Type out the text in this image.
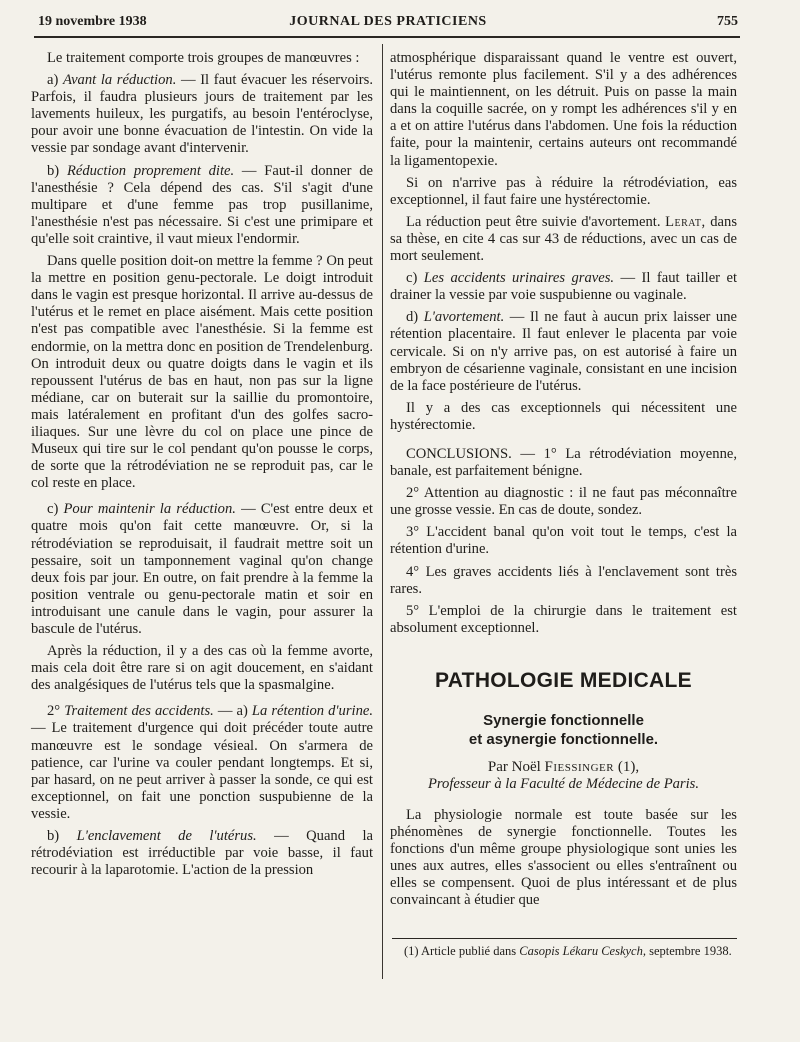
19 novembre 1938	JOURNAL DES PRATICIENS	755

Le traitement comporte trois groupes de manœuvres :

a) Avant la réduction. — Il faut évacuer les réservoirs. Parfois, il faudra plusieurs jours de traitement par les lavements huileux, les purgatifs, au besoin l'entéroclyse, pour avoir une bonne évacuation de l'intestin. On vide la vessie par sondage avant d'intervenir.

b) Réduction proprement dite. — Faut-il donner de l'anesthésie ? Cela dépend des cas. S'il s'agit d'une multipare et d'une femme pas trop pusillanime, l'anesthésie n'est pas nécessaire. Si c'est une primipare et qu'elle soit craintive, il vaut mieux l'endormir.

Dans quelle position doit-on mettre la femme ? On peut la mettre en position genu-pectorale. Le doigt introduit dans le vagin est presque horizontal. Il arrive au-dessus de l'utérus et le remet en place aisément. Mais cette position n'est pas compatible avec l'anesthésie. Si la femme est endormie, on la mettra donc en position de Trendelenburg. On introduit deux ou quatre doigts dans le vagin et ils repoussent l'utérus de bas en haut, non pas sur la ligne médiane, car on buterait sur la saillie du promontoire, mais latéralement en profitant d'un des golfes sacro-iliaques. Sur une lèvre du col on place une pince de Museux qui tire sur le col pendant qu'on pousse le corps, de sorte que la rétrodéviation ne se reproduit pas, car le col reste en place.

c) Pour maintenir la réduction. — C'est entre deux et quatre mois qu'on fait cette manœuvre. Or, si la rétrodéviation se reproduisait, il faudrait mettre soit un pessaire, soit un tamponnement vaginal qu'on change deux fois par jour. En outre, on fait prendre à la femme la position ventrale ou genu-pectorale matin et soir en introduisant une canule dans le vagin, pour assurer la bascule de l'utérus.

Après la réduction, il y a des cas où la femme avorte, mais cela doit être rare si on agit doucement, en s'aidant des analgésiques de l'utérus tels que la spasmalgine.

2° Traitement des accidents. — a) La rétention d'urine. — Le traitement d'urgence qui doit précéder toute autre manœuvre est le sondage vésieal. On s'armera de patience, car l'urine va couler pendant longtemps. Et si, par hasard, on ne peut arriver à passer la sonde, ce qui est exceptionnel, on fait une ponction suspubienne de la vessie.

b) L'enclavement de l'utérus. — Quand la rétrodéviation est irréductible par voie basse, il faut recourir à la laparotomie. L'action de la pression

atmosphérique disparaissant quand le ventre est ouvert, l'utérus remonte plus facilement. S'il y a des adhérences qui le maintiennent, on les détruit. Puis on passe la main dans la coquille sacrée, on y rompt les adhérences s'il y en a et on attire l'utérus dans l'abdomen. Une fois la réduction faite, pour la maintenir, certains auteurs ont recommandé la ligamentopexie.

Si on n'arrive pas à réduire la rétrodéviation, eas exceptionnel, il faut faire une hystérectomie.

La réduction peut être suivie d'avortement. Lerat, dans sa thèse, en cite 4 cas sur 43 de réductions, avec un cas de mort seulement.

c) Les accidents urinaires graves. — Il faut tailler et drainer la vessie par voie suspubienne ou vaginale.

d) L'avortement. — Il ne faut à aucun prix laisser une rétention placentaire. Il faut enlever le placenta par voie cervicale. Si on n'y arrive pas, on est autorisé à faire un embryon de césarienne vaginale, consistant en une incision de la face postérieure de l'utérus.

Il y a des cas exceptionnels qui nécessitent une hystérectomie.

CONCLUSIONS. — 1° La rétrodéviation moyenne, banale, est parfaitement bénigne.

2° Attention au diagnostic : il ne faut pas méconnaître une grosse vessie. En cas de doute, sondez.

3° L'accident banal qu'on voit tout le temps, c'est la rétention d'urine.

4° Les graves accidents liés à l'enclavement sont très rares.

5° L'emploi de la chirurgie dans le traitement est absolument exceptionnel.

PATHOLOGIE MEDICALE
Synergie fonctionnelle
et asynergie fonctionnelle.
Par Noël Fiessinger (1),
Professeur à la Faculté de Médecine de Paris.

La physiologie normale est toute basée sur les phénomènes de synergie fonctionnelle. Toutes les fonctions d'un même groupe physiologique sont unies les unes aux autres, elles s'associent ou elles s'entraînent ou elles se compensent. Quoi de plus intéressant et de plus convaincant à étudier que

(1) Article publié dans Casopis Lékaru Ceskych, septembre 1938.
